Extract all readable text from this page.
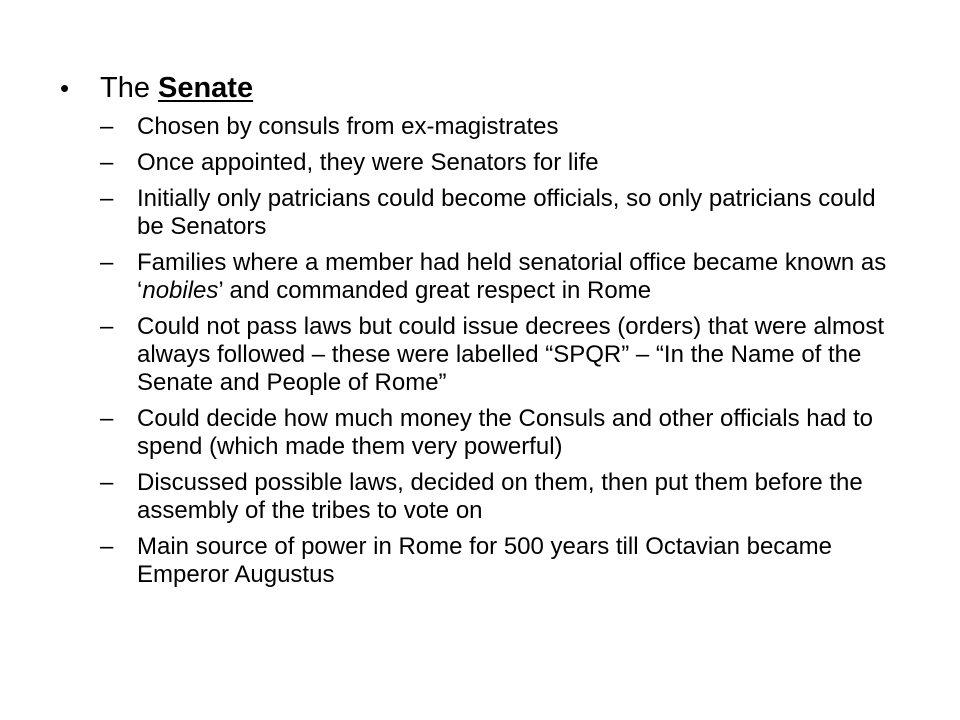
•	The Senate
– Chosen by consuls from ex-magistrates
– Once appointed, they were Senators for life
– Initially only patricians could become officials, so only patricians could be Senators
– Families where a member had held senatorial office became known as ‘nobiles’ and commanded great respect in Rome
– Could not pass laws but could issue decrees (orders) that were almost always followed – these were labelled “SPQR” – “In the Name of the Senate and People of Rome”
– Could decide how much money the Consuls and other officials had to spend (which made them very powerful)
– Discussed possible laws, decided on them, then put them before the assembly of the tribes to vote on
– Main source of power in Rome for 500 years till Octavian became Emperor Augustus
